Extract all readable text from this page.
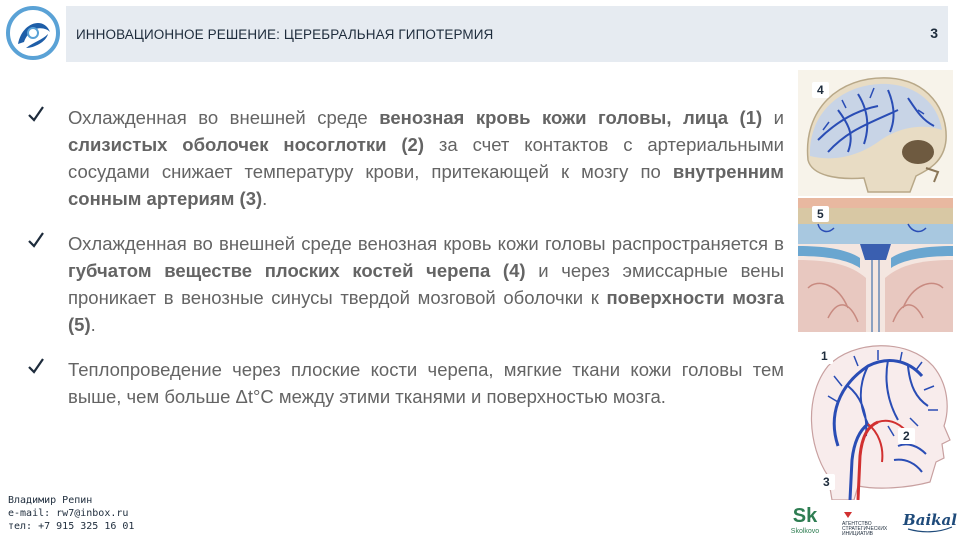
ИННОВАЦИОННОЕ РЕШЕНИЕ: ЦЕРЕБРАЛЬНАЯ ГИПОТЕРМИЯ	3
Охлажденная во внешней среде венозная кровь кожи головы, лица (1) и слизистых оболочек носоглотки (2) за счет контактов с артериальными сосудами снижает температуру крови, притекающей к мозгу по внутренним сонным артериям (3).
Охлажденная во внешней среде венозная кровь кожи головы распространяется в губчатом веществе плоских костей черепа (4) и через эмиссарные вены проникает в венозные синусы твердой мозговой оболочки к поверхности мозга (5).
Теплопроведение через плоские кости черепа, мягкие ткани кожи головы тем выше, чем больше Δt°C между этими тканями и поверхностью мозга.
Владимир Репин
e-mail: rw7@inbox.ru
тел: +7 915 325 16 01
4
5
1
2
3
Sk
Skolkovo
АГЕНТСТВО
СТРАТЕГИЧЕСКИХ
ИНИЦИАТИВ
Baikal
